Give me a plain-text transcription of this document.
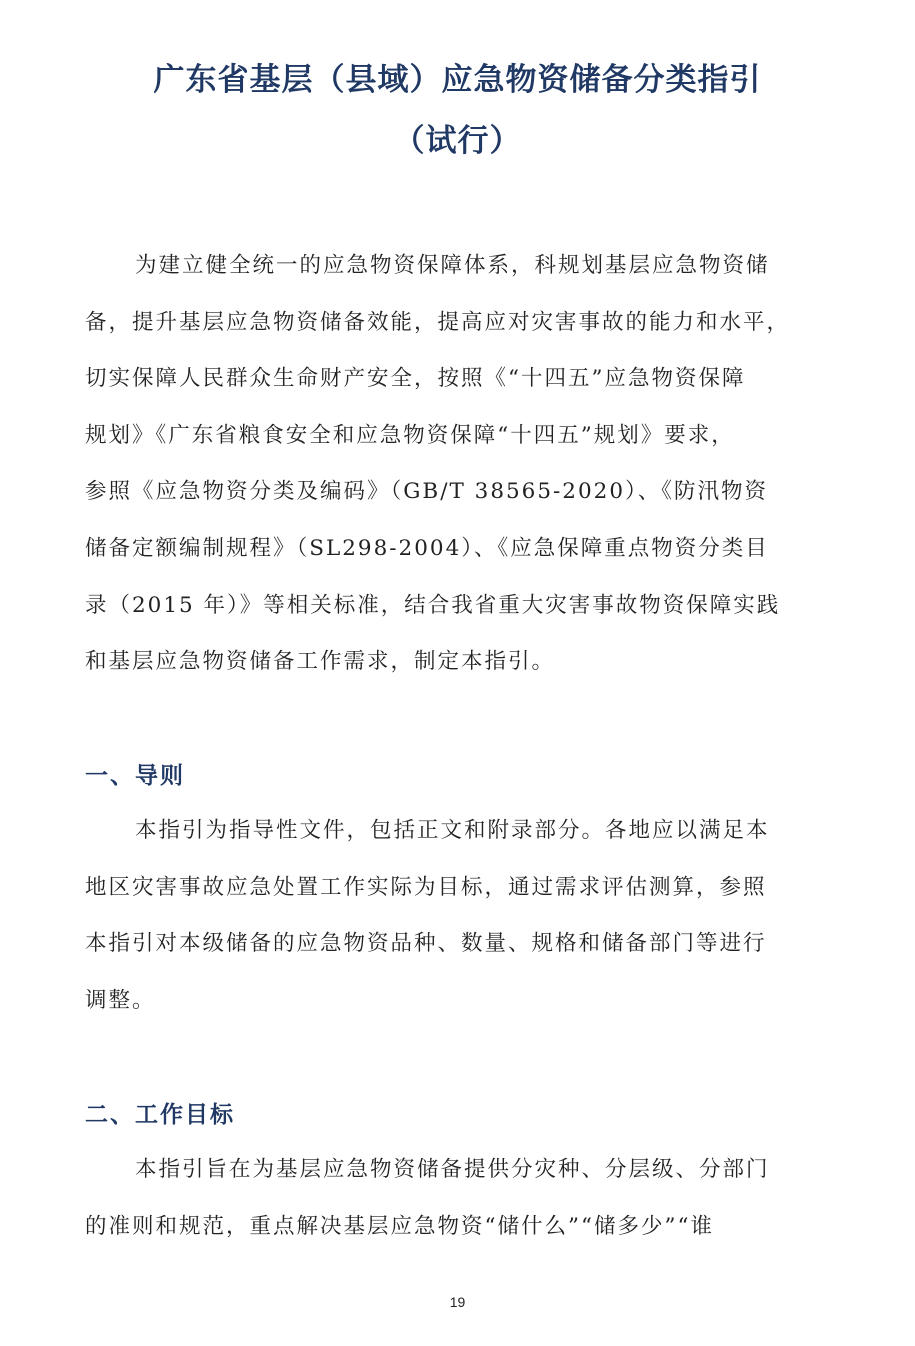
广东省基层（县域）应急物资储备分类指引
（试行）

为建立健全统一的应急物资保障体系，科规划基层应急物资储
备，提升基层应急物资储备效能，提高应对灾害事故的能力和水平，
切实保障人民群众生命财产安全，按照《“十四五”应急物资保障
规划》《广东省粮食安全和应急物资保障“十四五”规划》要求，
参照《应急物资分类及编码》（GB/T 38565-2020）、《防汛物资
储备定额编制规程》（SL298-2004）、《应急保障重点物资分类目
录（2015 年）》等相关标准，结合我省重大灾害事故物资保障实践
和基层应急物资储备工作需求，制定本指引。

一、导则

本指引为指导性文件，包括正文和附录部分。各地应以满足本
地区灾害事故应急处置工作实际为目标，通过需求评估测算，参照
本指引对本级储备的应急物资品种、数量、规格和储备部门等进行
调整。

二、工作目标

本指引旨在为基层应急物资储备提供分灾种、分层级、分部门
的准则和规范，重点解决基层应急物资“储什么”“储多少”“谁

19
